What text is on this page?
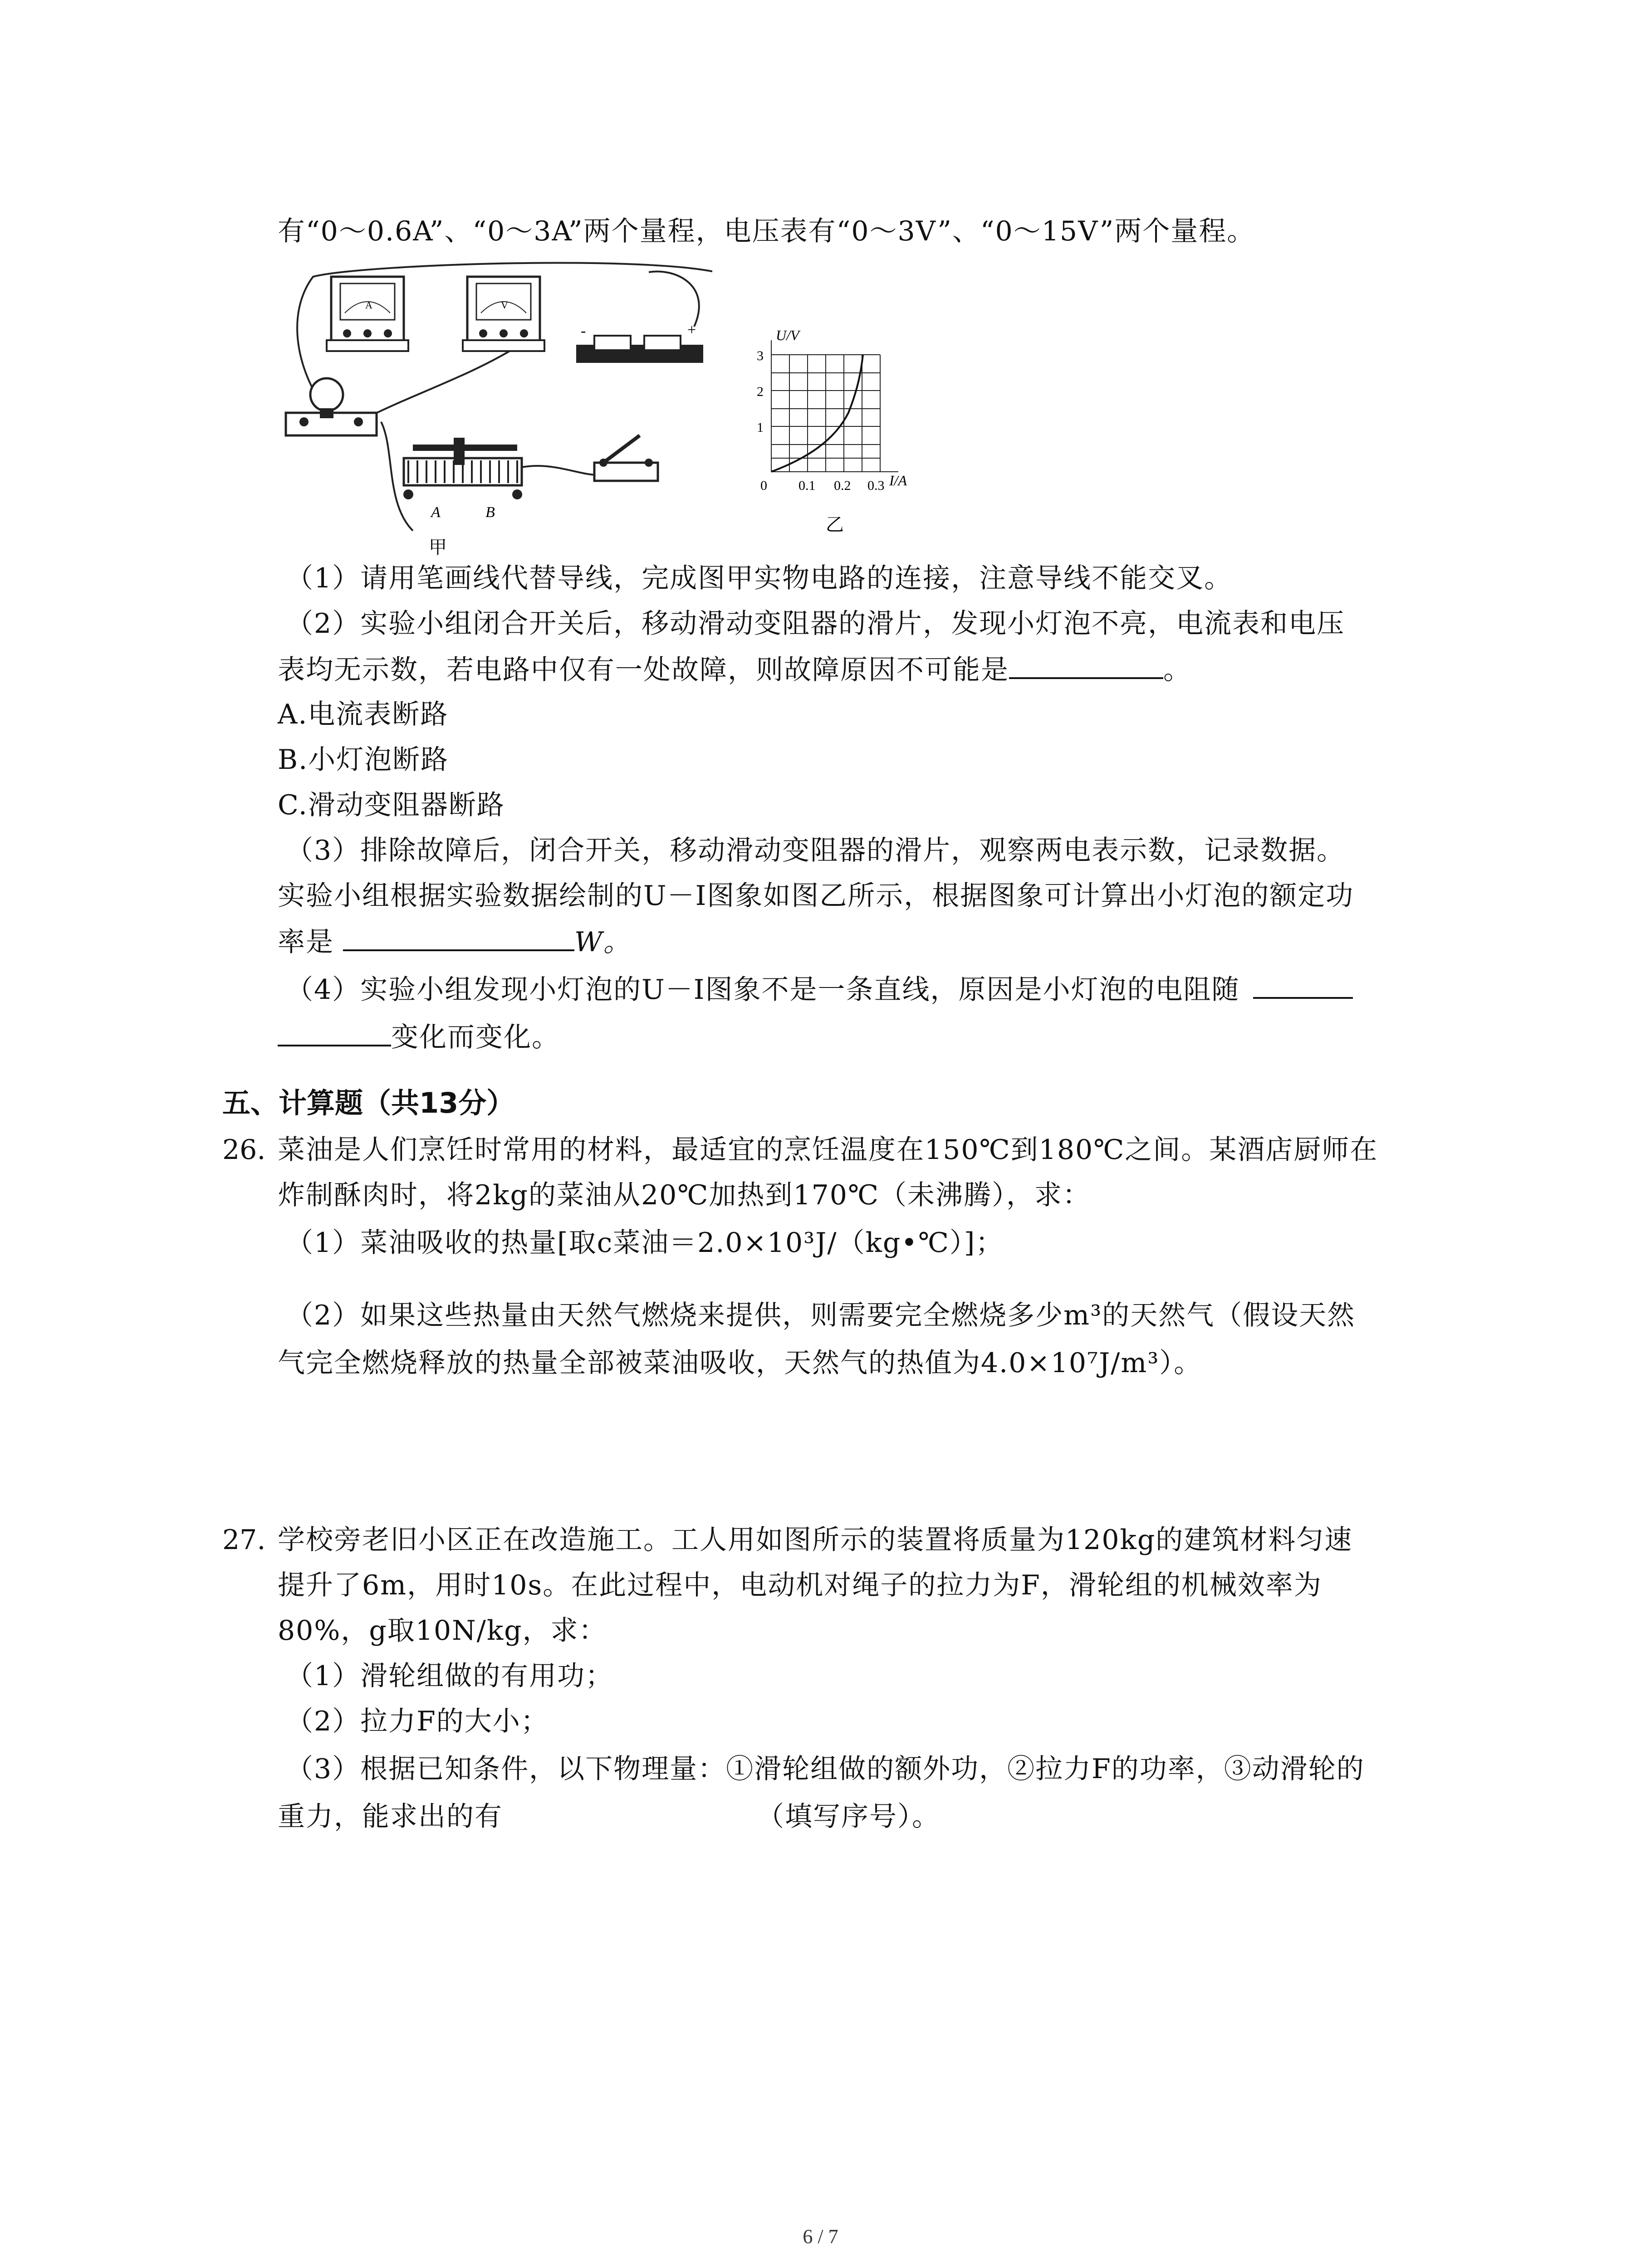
有“0～0.6A”、“0～3A”两个量程，电压表有“0～3V”、“0～15V”两个量程。
A	V
-	+
A	B
甲
U/V
I/A
3
2
1
0 0.1 0.2 0.3
乙
（1）请用笔画线代替导线，完成图甲实物电路的连接，注意导线不能交叉。
（2）实验小组闭合开关后，移动滑动变阻器的滑片，发现小灯泡不亮，电流表和电压
表均无示数，若电路中仅有一处故障，则故障原因不可能是	。
A.电流表断路
B.小灯泡断路
C.滑动变阻器断路
（3）排除故障后，闭合开关，移动滑动变阻器的滑片，观察两电表示数，记录数据。
实验小组根据实验数据绘制的U－I图象如图乙所示，根据图象可计算出小灯泡的额定功
率是	W。
（4）实验小组发现小灯泡的U－I图象不是一条直线，原因是小灯泡的电阻随
变化而变化。
五、计算题（共13分）
26. 菜油是人们烹饪时常用的材料，最适宜的烹饪温度在150℃到180℃之间。某酒店厨师在
炸制酥肉时，将2kg的菜油从20℃加热到170℃（未沸腾），求：
（1）菜油吸收的热量[取c菜油＝2.0×10³J/（kg•℃）]；
（2）如果这些热量由天然气燃烧来提供，则需要完全燃烧多少m³的天然气（假设天然
气完全燃烧释放的热量全部被菜油吸收，天然气的热值为4.0×10⁷J/m³）。
27. 学校旁老旧小区正在改造施工。工人用如图所示的装置将质量为120kg的建筑材料匀速
提升了6m，用时10s。在此过程中，电动机对绳子的拉力为F，滑轮组的机械效率为
80%，g取10N/kg，求：
（1）滑轮组做的有用功；
（2）拉力F的大小；
（3）根据已知条件，以下物理量：①滑轮组做的额外功，②拉力F的功率，③动滑轮的
重力，能求出的有	（填写序号）。
6 / 7
